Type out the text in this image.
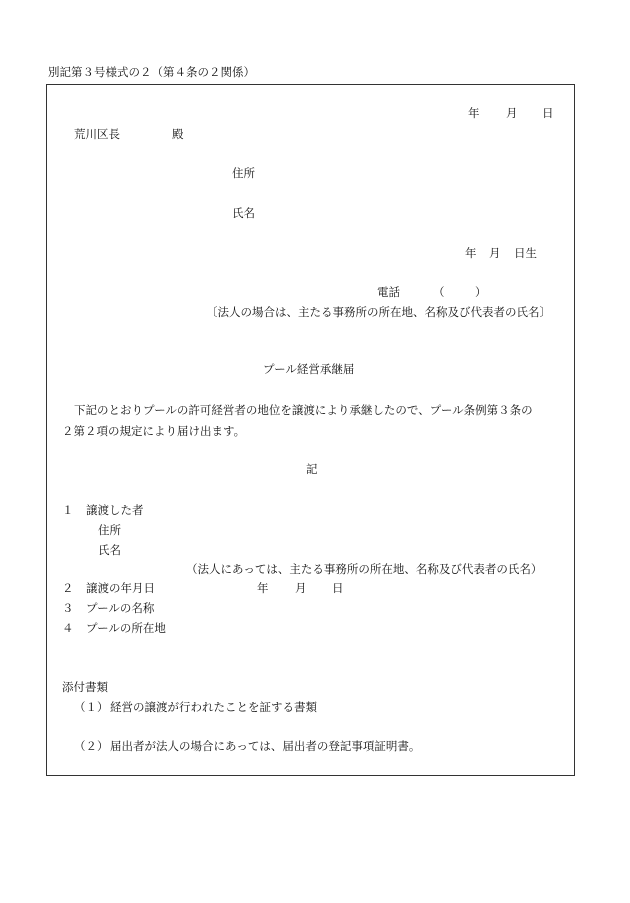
別記第３号様式の２（第４条の２関係）
年 月 日
荒川区長	殿
住所
氏名
年 月 日生
電話	（	）
〔法人の場合は、主たる事務所の所在地、名称及び代表者の氏名〕
プール経営承継届
下記のとおりプールの許可経営者の地位を譲渡により承継したので、プール条例第３条の
２第２項の規定により届け出ます。
記
１ 譲渡した者
住所
氏名
（法人にあっては、主たる事務所の所在地、名称及び代表者の氏名）
２ 譲渡の年月日	年 月 日
３ プールの名称
４ プールの所在地
添付書類
（１） 経営の譲渡が行われたことを証する書類
（２） 届出者が法人の場合にあっては、届出者の登記事項証明書。
